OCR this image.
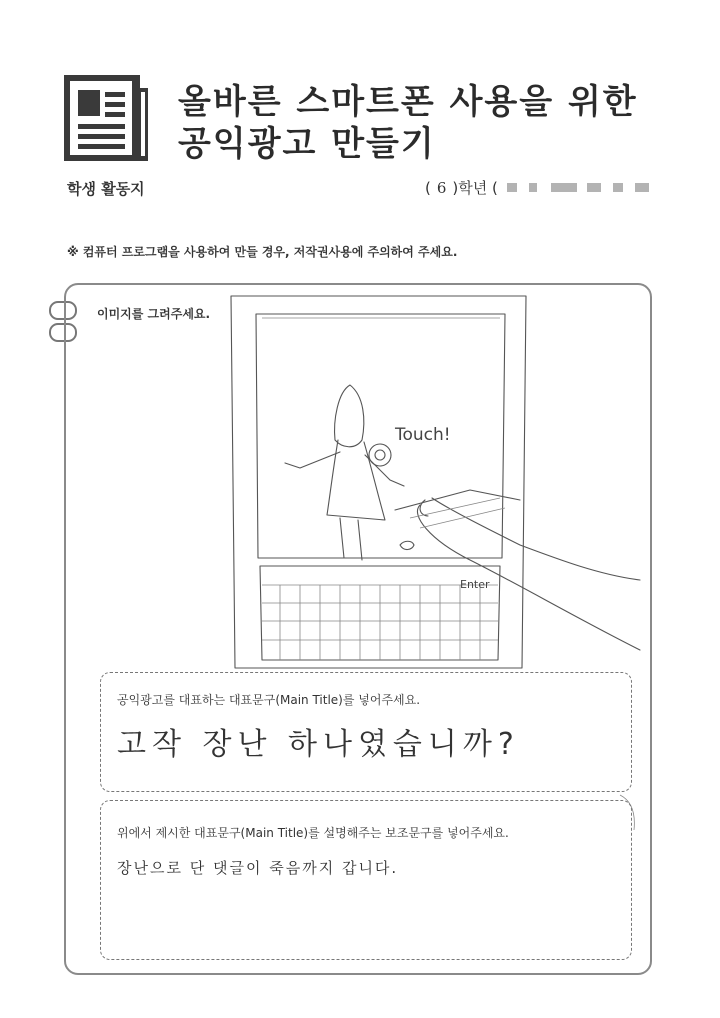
Touch!
Enter
올바른 스마트폰 사용을 위한
공익광고 만들기
학생 활동지	( 6 )학년 (
※ 컴퓨터 프로그램을 사용하여 만들 경우, 저작권사용에 주의하여 주세요.
이미지를 그려주세요.
공익광고를 대표하는 대표문구(Main Title)를 넣어주세요.
고작 장난 하나였습니까?
위에서 제시한 대표문구(Main Title)를 설명해주는 보조문구를 넣어주세요.
장난으로 단 댓글이 죽음까지 갑니다.
